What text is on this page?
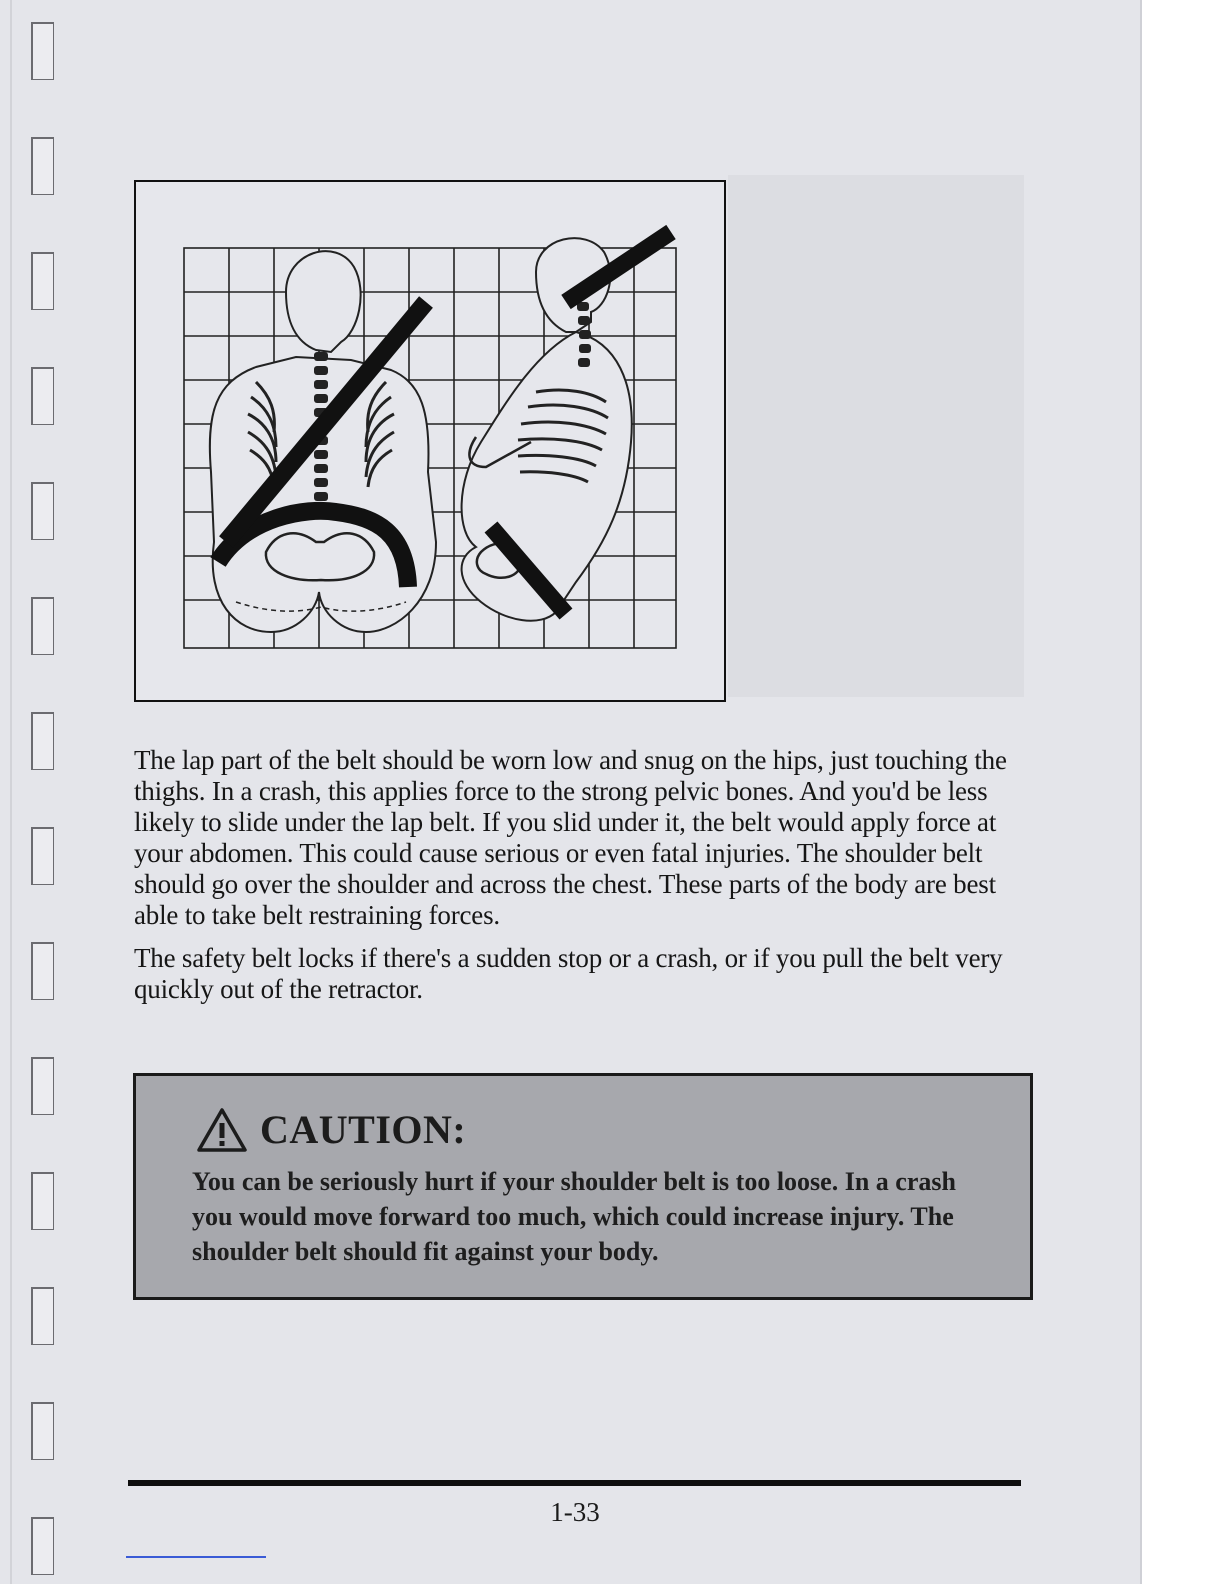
The lap part of the belt should be worn low and snug on the hips, just touching the thighs. In a crash, this applies force to the strong pelvic bones. And you'd be less likely to slide under the lap belt. If you slid under it, the belt would apply force at your abdomen. This could cause serious or even fatal injuries. The shoulder belt should go over the shoulder and across the chest. These parts of the body are best able to take belt restraining forces.

The safety belt locks if there's a sudden stop or a crash, or if you pull the belt very quickly out of the retractor.

CAUTION:
You can be seriously hurt if your shoulder belt is too loose. In a crash you would move forward too much, which could increase injury. The shoulder belt should fit against your body.
1-33
